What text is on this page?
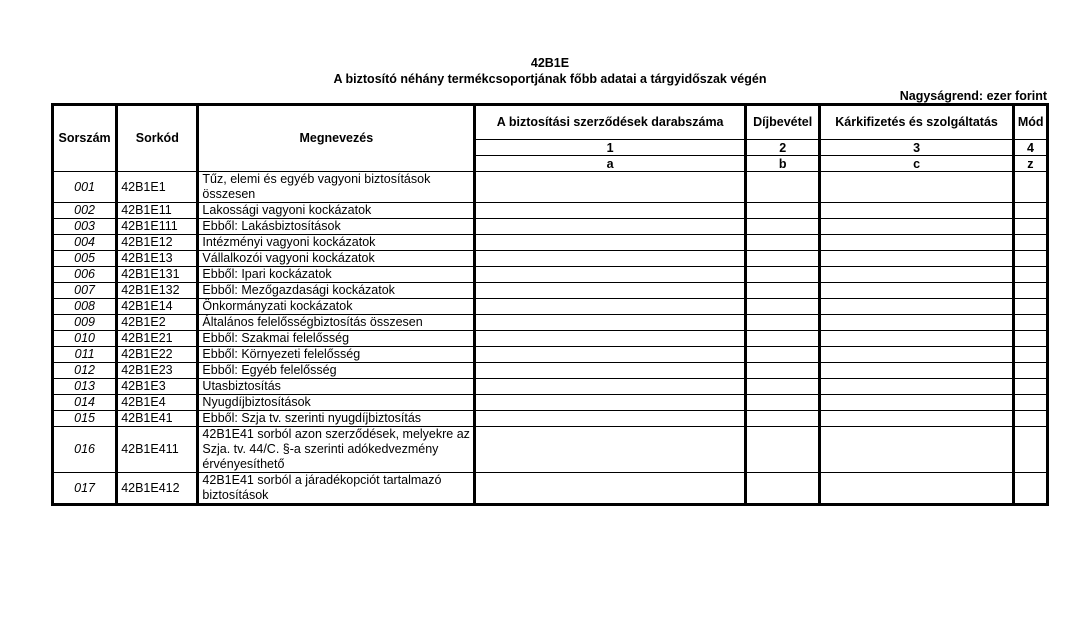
42B1E
A biztosító néhány termékcsoportjának főbb adatai a tárgyidőszak végén
Nagyságrend: ezer forint
Sorszám	Sorkód	Megnevezés	A biztosítási szerződések darabszáma	Díjbevétel	Kárkifizetés és szolgáltatás	Mód
			1	2	3	4
			a	b	c	z
001	42B1E1	Tűz, elemi és egyéb vagyoni biztosítások összesen				
002	42B1E11	Lakossági vagyoni kockázatok				
003	42B1E111	Ebből: Lakásbiztosítások				
004	42B1E12	Intézményi vagyoni kockázatok				
005	42B1E13	Vállalkozói vagyoni kockázatok				
006	42B1E131	Ebből: Ipari kockázatok				
007	42B1E132	Ebből: Mezőgazdasági kockázatok				
008	42B1E14	Önkormányzati kockázatok				
009	42B1E2	Általános felelősségbiztosítás összesen				
010	42B1E21	Ebből: Szakmai felelősség				
011	42B1E22	Ebből: Környezeti felelősség				
012	42B1E23	Ebből: Egyéb felelősség				
013	42B1E3	Utasbiztosítás				
014	42B1E4	Nyugdíjbiztosítások				
015	42B1E41	Ebből: Szja tv. szerinti nyugdíjbiztosítás				
016	42B1E411	42B1E41 sorból azon szerződések, melyekre az Szja. tv. 44/C. §-a szerinti adókedvezmény érvényesíthető				
017	42B1E412	42B1E41 sorból a járadékopciót tartalmazó biztosítások				
